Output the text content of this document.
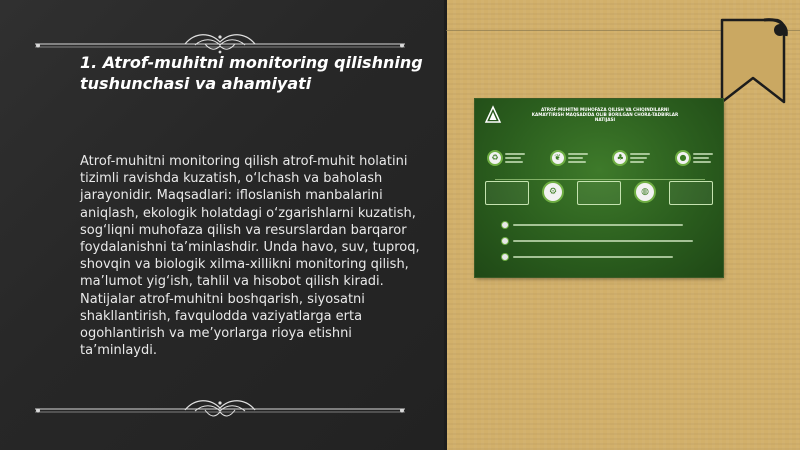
1. Atrof-muhitni monitoring qilishning tushunchasi va ahamiyati

Atrof-muhitni monitoring qilish atrof-muhit holatini tizimli ravishda kuzatish, o‘lchash va baholash jarayonidir. Maqsadlari: ifloslanish manbalarini aniqlash, ekologik holatdagi o‘zgarishlarni kuzatish, sog‘liqni muhofaza qilish va resurslardan barqaror foydalanishni ta’minlashdir. Unda havo, suv, tuproq, shovqin va biologik xilma-xillikni monitoring qilish, ma’lumot yig‘ish, tahlil va hisobot qilish kiradi. Natijalar atrof-muhitni boshqarish, siyosatni shakllantirish, favqulodda vaziyatlarga erta ogohlantirish va me’yorlarga rioya etishni ta’minlaydi.

ATROF-MUHITNI MUHOFAZA QILISH VA CHIQINDILARNI KAMAYTIRISH MAQSADIDA OLIB BORILGAN CHORA-TADBIRLAR NATIJASI

♻	❦	♣	●
⚙	◍
